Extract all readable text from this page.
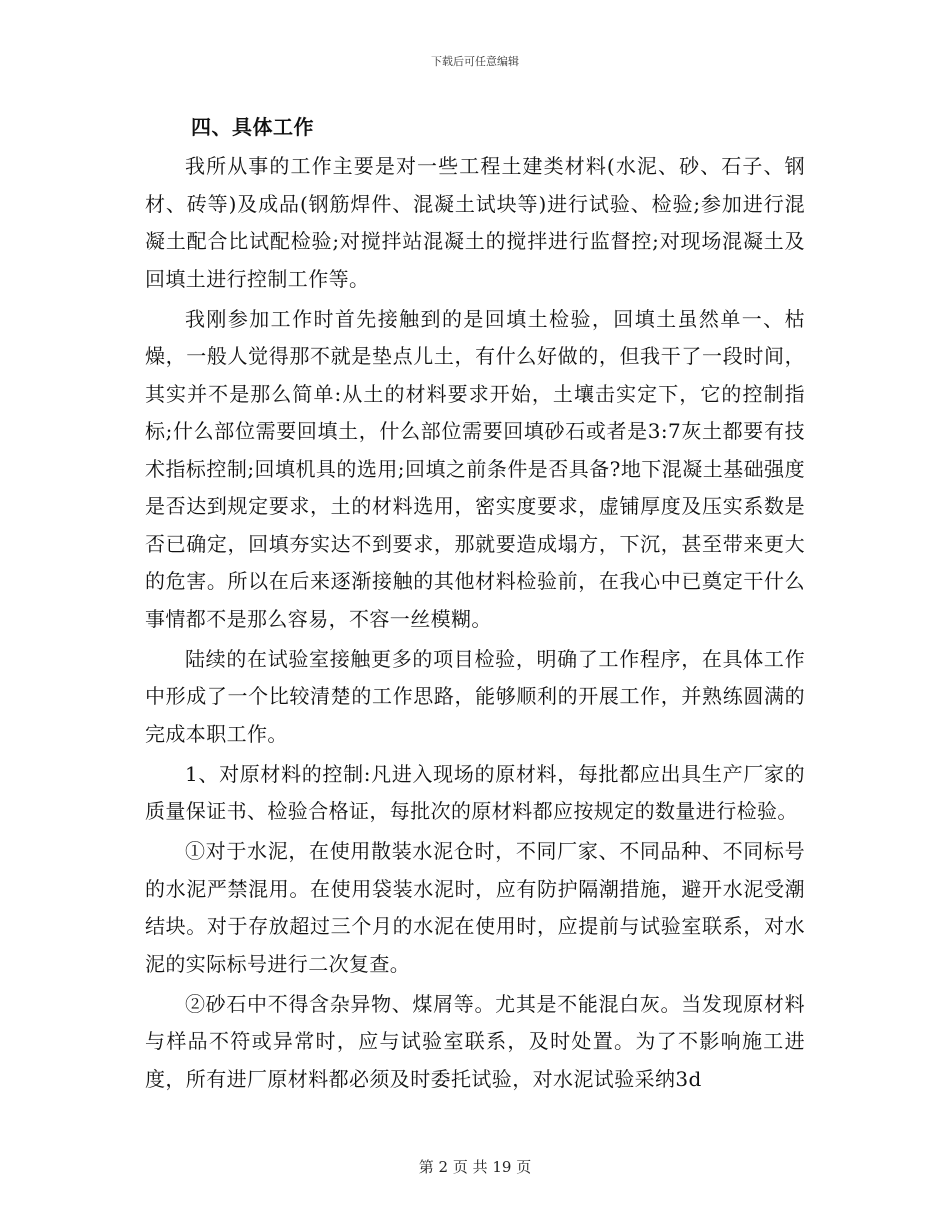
下载后可任意编辑
四、具体工作

我所从事的工作主要是对一些工程土建类材料(水泥、砂、石子、钢材、砖等)及成品(钢筋焊件、混凝土试块等)进行试验、检验;参加进行混凝土配合比试配检验;对搅拌站混凝土的搅拌进行监督控;对现场混凝土及回填土进行控制工作等。

我刚参加工作时首先接触到的是回填土检验，回填土虽然单一、枯燥，一般人觉得那不就是垫点儿土，有什么好做的，但我干了一段时间，其实并不是那么简单:从土的材料要求开始，土壤击实定下，它的控制指标;什么部位需要回填土，什么部位需要回填砂石或者是3:7灰土都要有技术指标控制;回填机具的选用;回填之前条件是否具备?地下混凝土基础强度是否达到规定要求，土的材料选用，密实度要求，虚铺厚度及压实系数是否已确定，回填夯实达不到要求，那就要造成塌方，下沉，甚至带来更大的危害。所以在后来逐渐接触的其他材料检验前，在我心中已奠定干什么事情都不是那么容易，不容一丝模糊。

陆续的在试验室接触更多的项目检验，明确了工作程序，在具体工作中形成了一个比较清楚的工作思路，能够顺利的开展工作，并熟练圆满的完成本职工作。

1、对原材料的控制:凡进入现场的原材料，每批都应出具生产厂家的质量保证书、检验合格证，每批次的原材料都应按规定的数量进行检验。

①对于水泥，在使用散装水泥仓时，不同厂家、不同品种、不同标号的水泥严禁混用。在使用袋装水泥时，应有防护隔潮措施，避开水泥受潮结块。对于存放超过三个月的水泥在使用时，应提前与试验室联系，对水泥的实际标号进行二次复查。

②砂石中不得含杂异物、煤屑等。尤其是不能混白灰。当发现原材料与样品不符或异常时，应与试验室联系，及时处置。为了不影响施工进度，所有进厂原材料都必须及时委托试验，对水泥试验采纳3d

第 2 页 共 19 页
